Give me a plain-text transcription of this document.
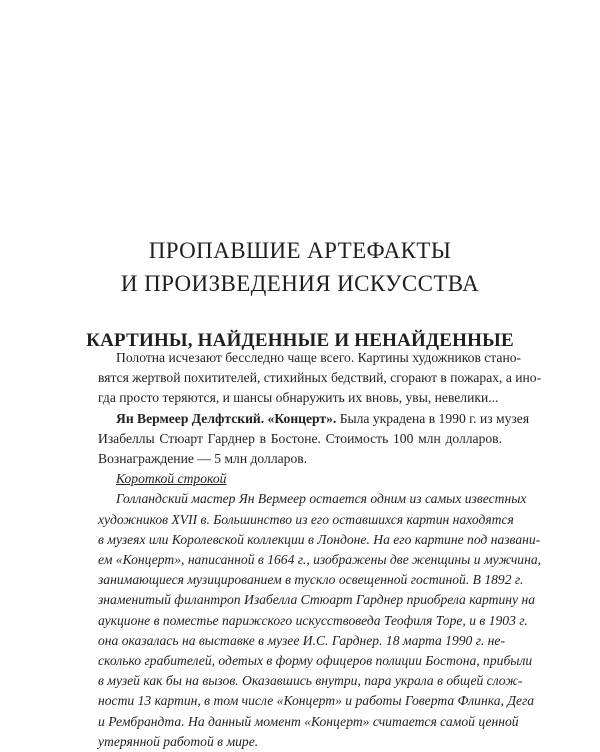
ПРОПАВШИЕ АРТЕФАКТЫ
И ПРОИЗВЕДЕНИЯ ИСКУССТВА
КАРТИНЫ, НАЙДЕННЫЕ И НЕНАЙДЕННЫЕ
Полотна исчезают бесследно чаще всего. Картины художников стано-
вятся жертвой похитителей, стихийных бедствий, сгорают в пожарах, а ино-
гда просто теряются, и шансы обнаружить их вновь, увы, невелики...
Ян Вермеер Делфтский. «Концерт». Была украдена в 1990 г. из музея
Изабеллы Стюарт Гарднер в Бостоне. Стоимость 100 млн долларов.
Вознаграждение — 5 млн долларов.
Короткой строкой
Голландский мастер Ян Вермеер остается одним из самых известных
художников XVII в. Большинство из его оставшихся картин находятся
в музеях или Королевской коллекции в Лондоне. На его картине под названи-
ем «Концерт», написанной в 1664 г., изображены две женщины и мужчина,
занимающиеся музицированием в тускло освещенной гостиной. В 1892 г.
знаменитый филантроп Изабелла Стюарт Гарднер приобрела картину на
аукционе в поместье парижского искусствоведа Теофиля Торе, и в 1903 г.
она оказалась на выставке в музее И.С. Гарднер. 18 марта 1990 г. не-
сколько грабителей, одетых в форму офицеров полиции Бостона, прибыли
в музей как бы на вызов. Оказавшись внутри, пара украла в общей слож-
ности 13 картин, в том числе «Концерт» и работы Говерта Флинка, Дега
и Рембрандта. На данный момент «Концерт» считается самой ценной
утерянной работой в мире.
